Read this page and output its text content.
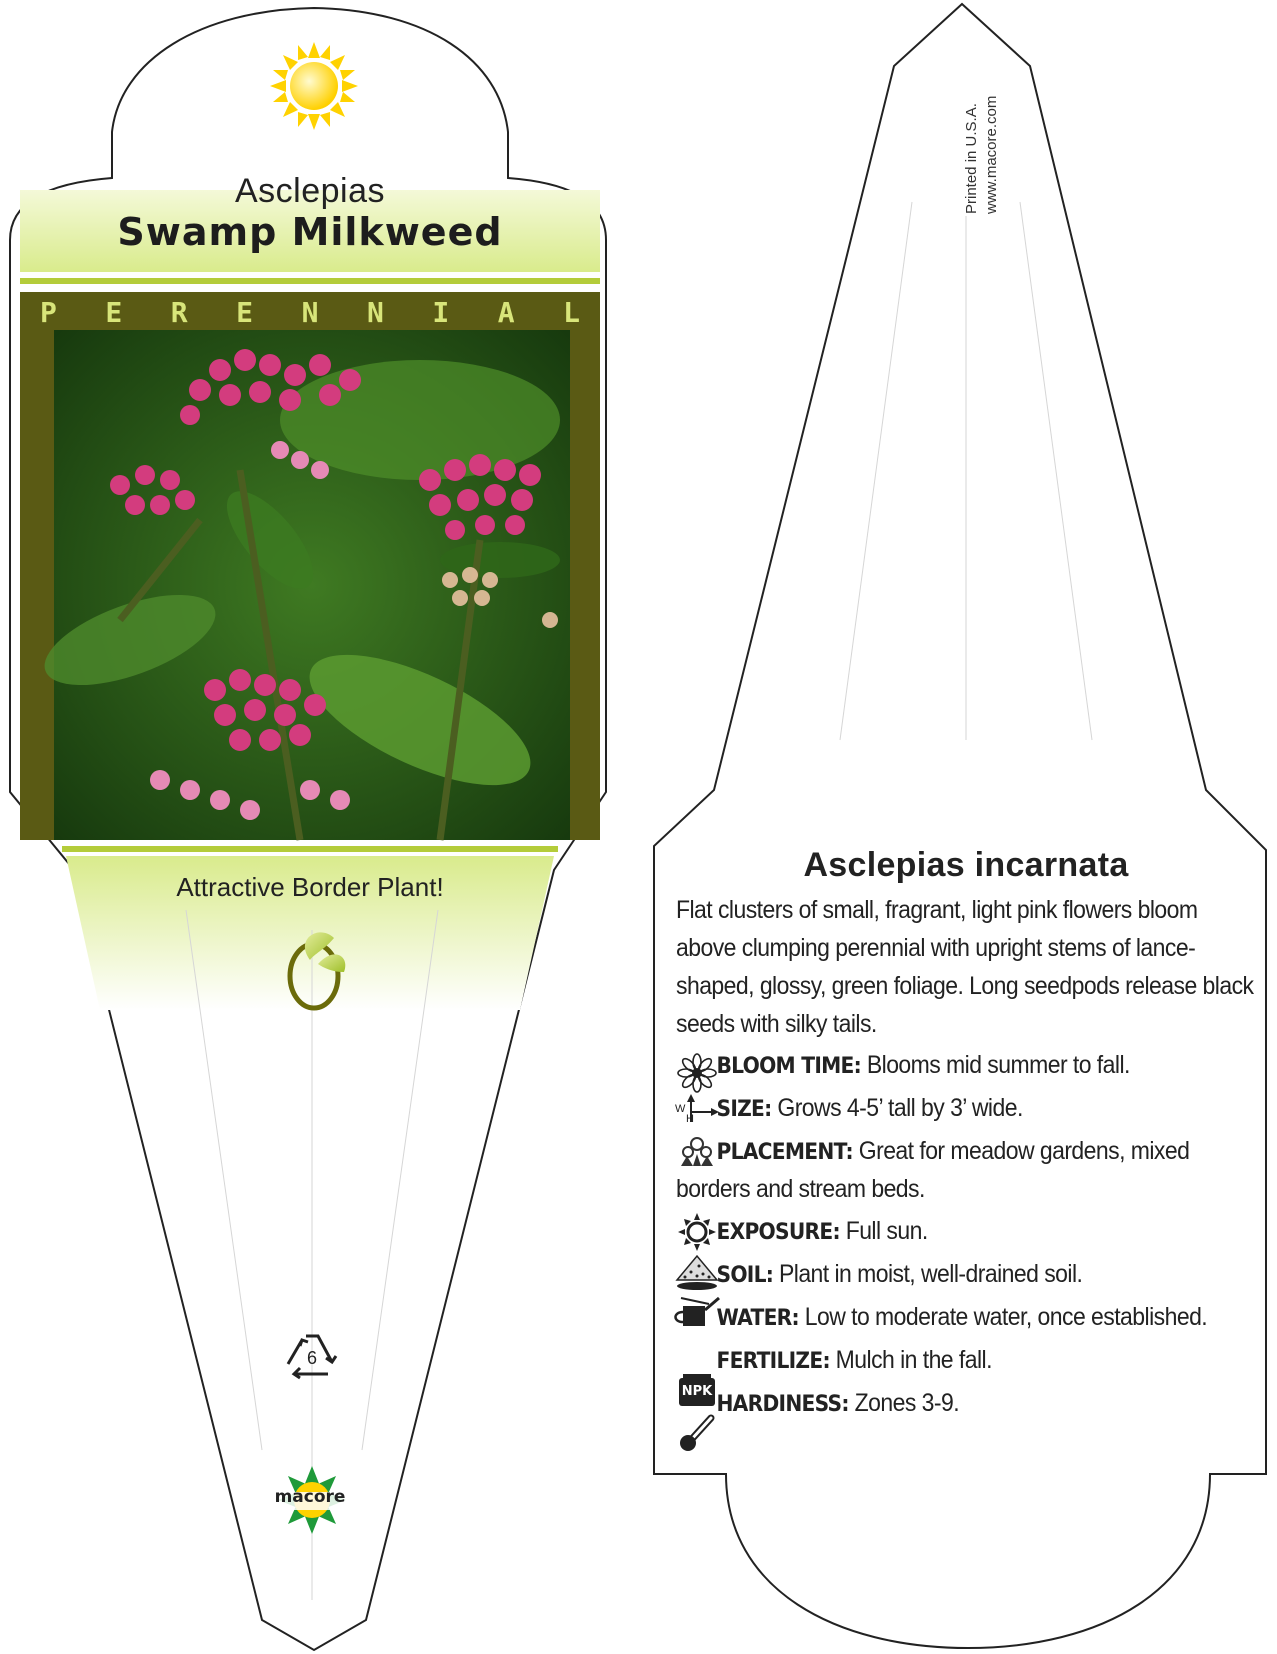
NPK
W
H
Asclepias
Swamp Milkweed
P E R E N N I A L
Attractive Border Plant!
6
macore
Printed in U.S.A. www.macore.com
Asclepias incarnata

Flat clusters of small, fragrant, light pink flowers bloom above clumping perennial with upright stems of lance-shaped, glossy, green foliage. Long seedpods release black seeds with silky tails.

BLOOM TIME: Blooms mid summer to fall.
SIZE: Grows 4-5’ tall by 3’ wide.
PLACEMENT: Great for meadow gardens, mixed borders and stream beds.
EXPOSURE: Full sun.
SOIL: Plant in moist, well-drained soil.
WATER: Low to moderate water, once established.
FERTILIZE: Mulch in the fall.
HARDINESS: Zones 3-9.
